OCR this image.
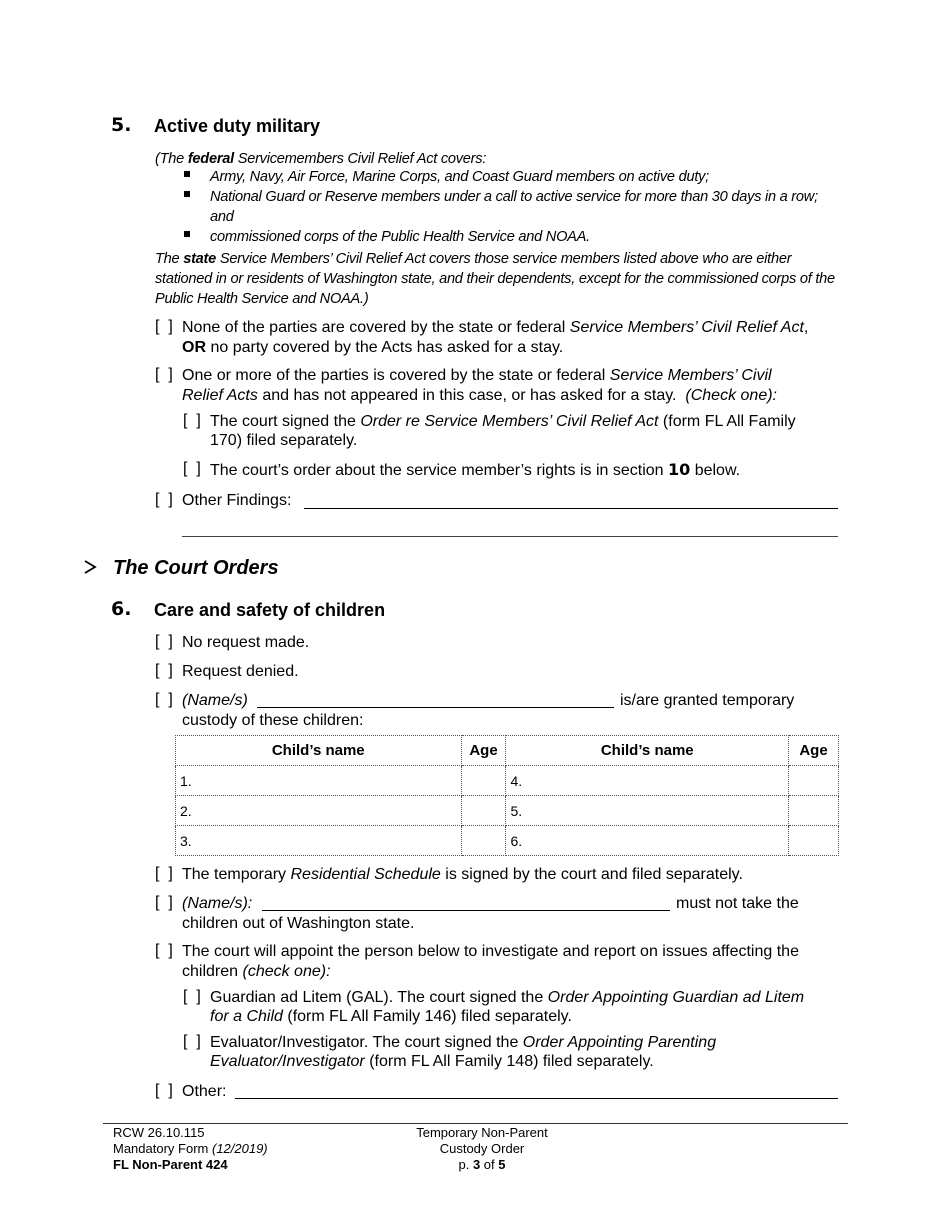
5. Active duty military
(The federal Servicemembers Civil Relief Act covers:
Army, Navy, Air Force, Marine Corps, and Coast Guard members on active duty;
National Guard or Reserve members under a call to active service for more than 30 days in a row;
and
commissioned corps of the Public Health Service and NOAA.
The state Service Members’ Civil Relief Act covers those service members listed above who are either
stationed in or residents of Washington state, and their dependents, except for the commissioned corps of the
Public Health Service and NOAA.)
[  ] None of the parties are covered by the state or federal Service Members’ Civil Relief Act,
OR no party covered by the Acts has asked for a stay.
[  ] One or more of the parties is covered by the state or federal Service Members’ Civil
Relief Acts and has not appeared in this case, or has asked for a stay.  (Check one):
[  ] The court signed the Order re Service Members’ Civil Relief Act (form FL All Family
170) filed separately.
[  ] The court’s order about the service member’s rights is in section 10 below.
[  ] Other Findings:
The Court Orders
6. Care and safety of children
[  ] No request made.
[  ] Request denied.
[  ] (Name/s)	is/are granted temporary
custody of these children:
Child’s name	Age	Child’s name	Age
1.		4.	
2.		5.	
3.		6.	
[  ] The temporary Residential Schedule is signed by the court and filed separately.
[  ] (Name/s):	must not take the
children out of Washington state.
[  ] The court will appoint the person below to investigate and report on issues affecting the
children (check one):
[  ] Guardian ad Litem (GAL). The court signed the Order Appointing Guardian ad Litem
for a Child (form FL All Family 146) filed separately.
[  ] Evaluator/Investigator. The court signed the Order Appointing Parenting
Evaluator/Investigator (form FL All Family 148) filed separately.
[  ] Other:
RCW 26.10.115
Mandatory Form (12/2019)
FL Non-Parent 424
Temporary Non-Parent
Custody Order
p. 3 of 5
